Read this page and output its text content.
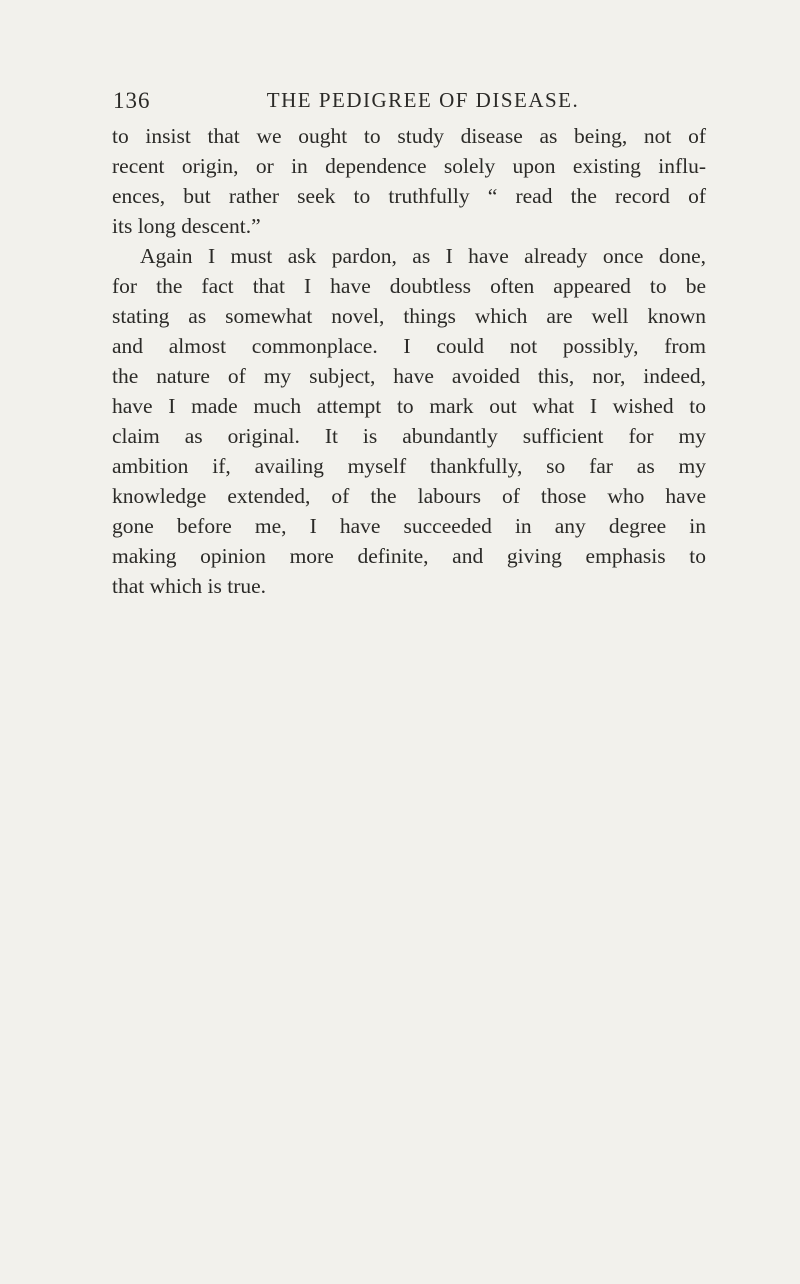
136	THE PEDIGREE OF DISEASE.
to insist that we ought to study disease as being, not of
recent origin, or in dependence solely upon existing influ-
ences, but rather seek to truthfully “ read the record of
its long descent.”
Again I must ask pardon, as I have already once done,
for the fact that I have doubtless often appeared to be
stating as somewhat novel, things which are well known
and almost commonplace. I could not possibly, from
the nature of my subject, have avoided this, nor, indeed,
have I made much attempt to mark out what I wished to
claim as original. It is abundantly sufficient for my
ambition if, availing myself thankfully, so far as my
knowledge extended, of the labours of those who have
gone before me, I have succeeded in any degree in
making opinion more definite, and giving emphasis to
that which is true.
